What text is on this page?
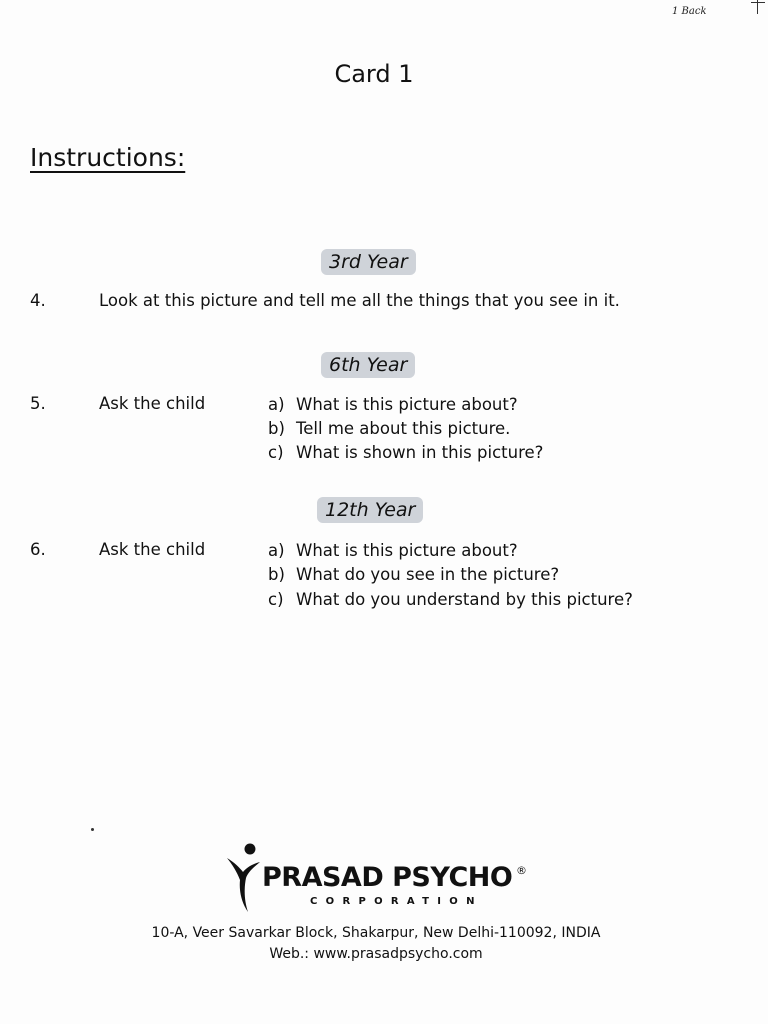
1 Back
Card 1
Instructions:
3rd Year
4.	Look at this picture and tell me all the things that you see in it.
6th Year
5.	Ask the child	a) What is this picture about?
b) Tell me about this picture.
c) What is shown in this picture?
12th Year
6.	Ask the child	a) What is this picture about?
b) What do you see in the picture?
c) What do you understand by this picture?
PRASAD PSYCHO ®
CORPORATION
10-A, Veer Savarkar Block, Shakarpur, New Delhi-110092, INDIA
Web.: www.prasadpsycho.com
